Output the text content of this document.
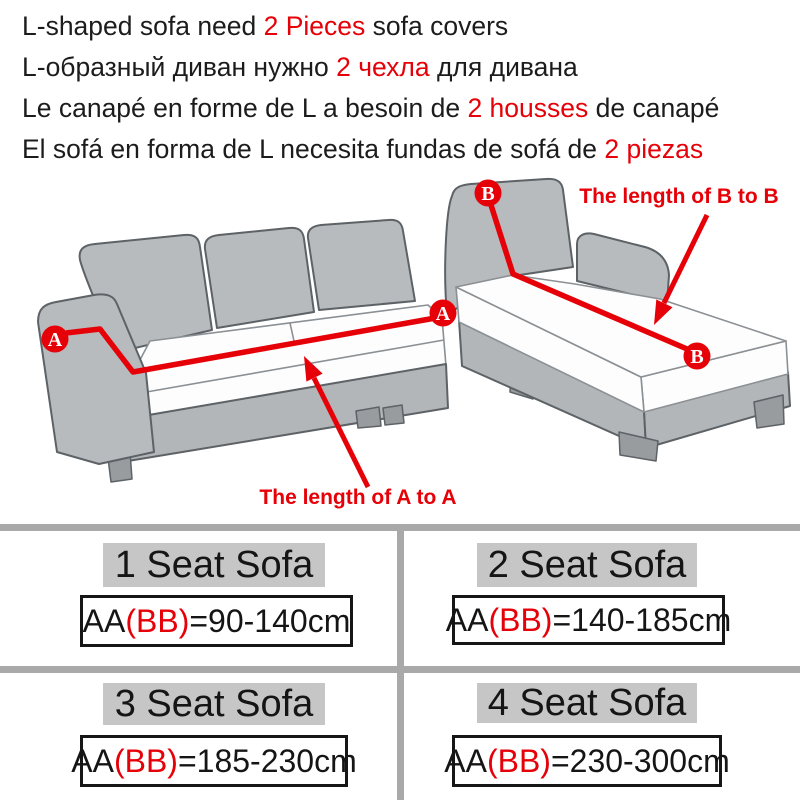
L-shaped sofa need 2 Pieces sofa covers
L-образный диван нужно 2 чехла для дивана
Le canapé en forme de L a besoin de 2 housses de canapé
El sofá en forma de L necesita fundas de sofá de 2 piezas
A
A
B
B
The length of A to A
The length of B to B
1 Seat Sofa
AA (BB) =90-140cm
2 Seat Sofa
AA (BB) =140-185cm
3 Seat Sofa
AA (BB) =185-230cm
4 Seat Sofa
AA (BB) =230-300cm
